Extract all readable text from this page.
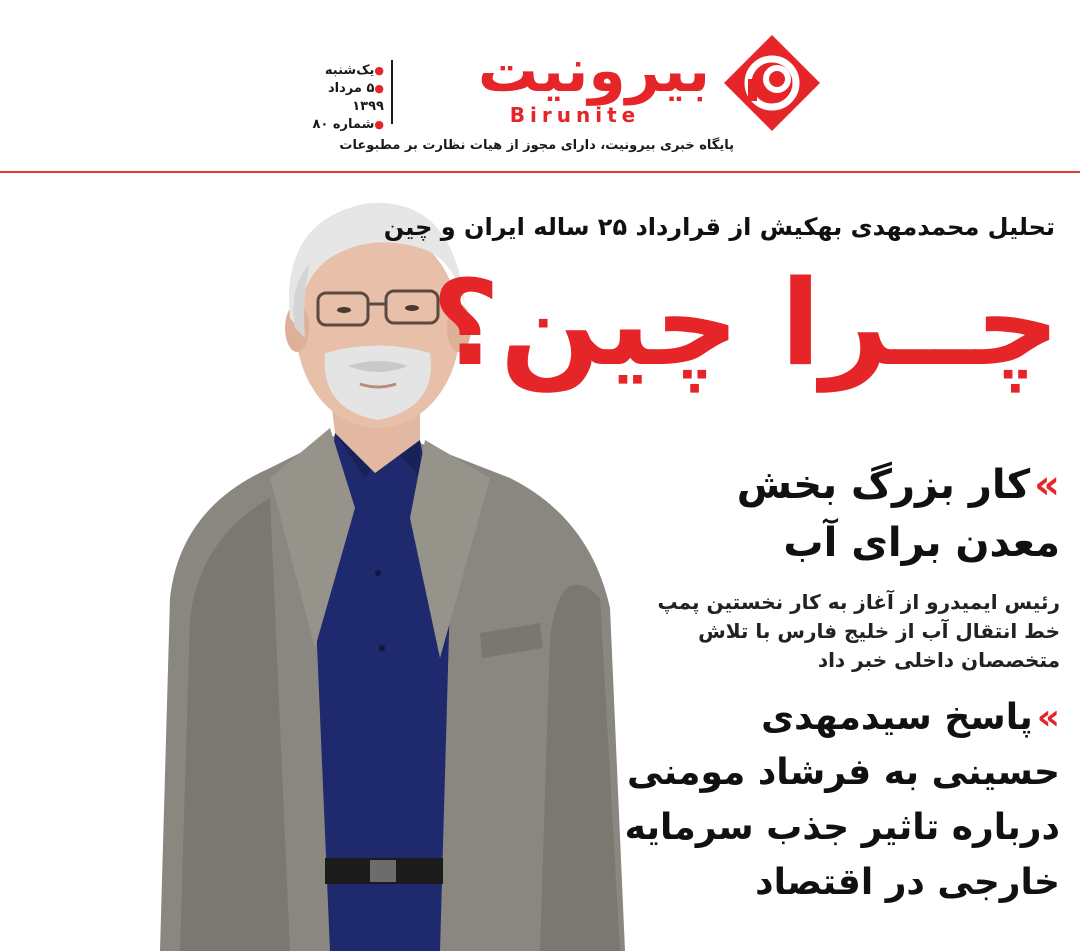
بیرونیت
Birunite
پایگاه خبری بیرونیت، دارای مجوز از هیات نظارت بر مطبوعات
●یک‌شنبه
●۵ مرداد ۱۳۹۹
●شماره ۸۰
تحلیل محمدمهدی بهکیش از قرارداد ۲۵ ساله ایران و چین
چــرا چین؟
»کار بزرگ بخش
معدن برای آب
رئیس ایمیدرو از آغاز به کار نخستین پمپ
خط انتقال آب از خلیج فارس با تلاش
متخصصان داخلی خبر داد
»پاسخ سیدمهدی
حسینی به فرشاد مومنی
درباره تاثیر جذب سرمایه
خارجی در اقتصاد
